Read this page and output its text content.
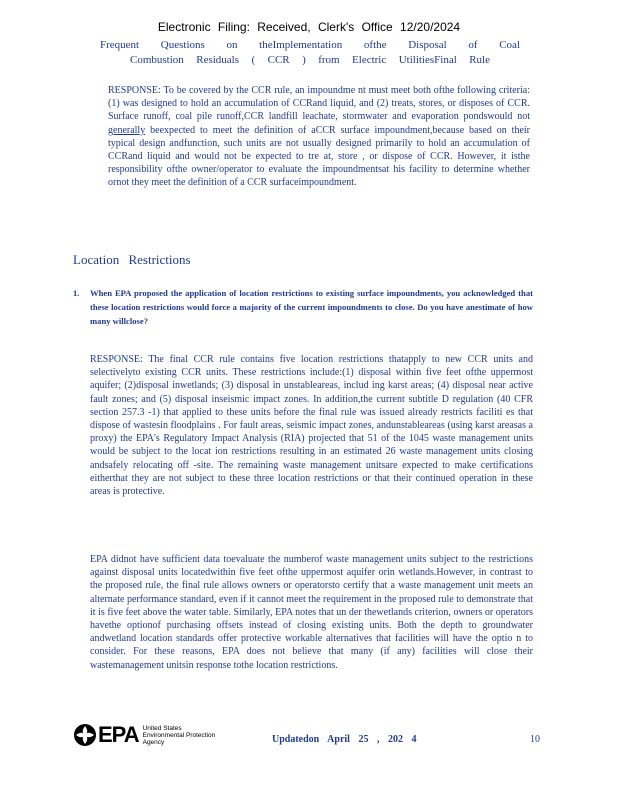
Electronic Filing: Received, Clerk's Office 12/20/2024
Frequent Questions on theImplementation ofthe Disposal of Coal
Combustion Residuals ( CCR ) from Electric UtilitiesFinal Rule
RESPONSE: To be covered by the CCR rule, an impoundme nt must meet both ofthe following criteria: (1) was designed to hold an accumulation of CCRand liquid, and (2) treats, stores, or disposes of CCR. Surface runoff, coal pile runoff,CCR landfill leachate, stormwater and evaporation pondswould not generally beexpected to meet the definition of aCCR surface impoundment,because based on their typical design andfunction, such units are not usually designed primarily to hold an accumulation of CCRand liquid and would not be expected to tre at, store , or dispose of CCR. However, it isthe responsibility ofthe owner/operator to evaluate the impoundmentsat his facility to determine whether ornot they meet the definition of a CCR surfaceimpoundment.
Location Restrictions
1. When EPA proposed the application of location restrictions to existing surface impoundments, you acknowledged that these location restrictions would force a majority of the current impoundments to close. Do you have anestimate of how many willclose?
RESPONSE: The final CCR rule contains five location restrictions thatapply to new CCR units and selectivelyto existing CCR units. These restrictions include:(1) disposal within five feet ofthe uppermost aquifer; (2)disposal inwetlands; (3) disposal in unstableareas, includ ing karst areas; (4) disposal near active fault zones; and (5) disposal inseismic impact zones. In addition,the current subtitle D regulation (40 CFR section 257.3 -1) that applied to these units before the final rule was issued already restricts faciliti es that dispose of wastesin floodplains . For fault areas, seismic impact zones, andunstableareas (using karst areasas a proxy) the EPA's Regulatory Impact Analysis (RIA) projected that 51 of the 1045 waste management units would be subject to the locat ion restrictions resulting in an estimated 26 waste management units closing andsafely relocating off -site. The remaining waste management unitsare expected to make certifications eitherthat they are not subject to these three location restrictions or that their continued operation in these areas is protective.
EPA didnot have sufficient data toevaluate the numberof waste management units subject to the restrictions against disposal units locatedwithin five feet ofthe uppermost aquifer orin wetlands.However, in contrast to the proposed rule, the final rule allows owners or operatorsto certify that a waste management unit meets an alternate performance standard, even if it cannot meet the requirement in the proposed rule to demonstrate that it is five feet above the water table. Similarly, EPA notes that un der thewetlands criterion, owners or operators havethe optionof purchasing offsets instead of closing existing units. Both the depth to groundwater andwetland location standards offer protective workable alternatives that facilities will have the optio n to consider. For these reasons, EPA does not believe that many (if any) facilities will close their wastemanagement unitsin response tothe location restrictions.
EPA United States
Environmental Protection
Agency	Updatedon April 25 , 202 4	10
